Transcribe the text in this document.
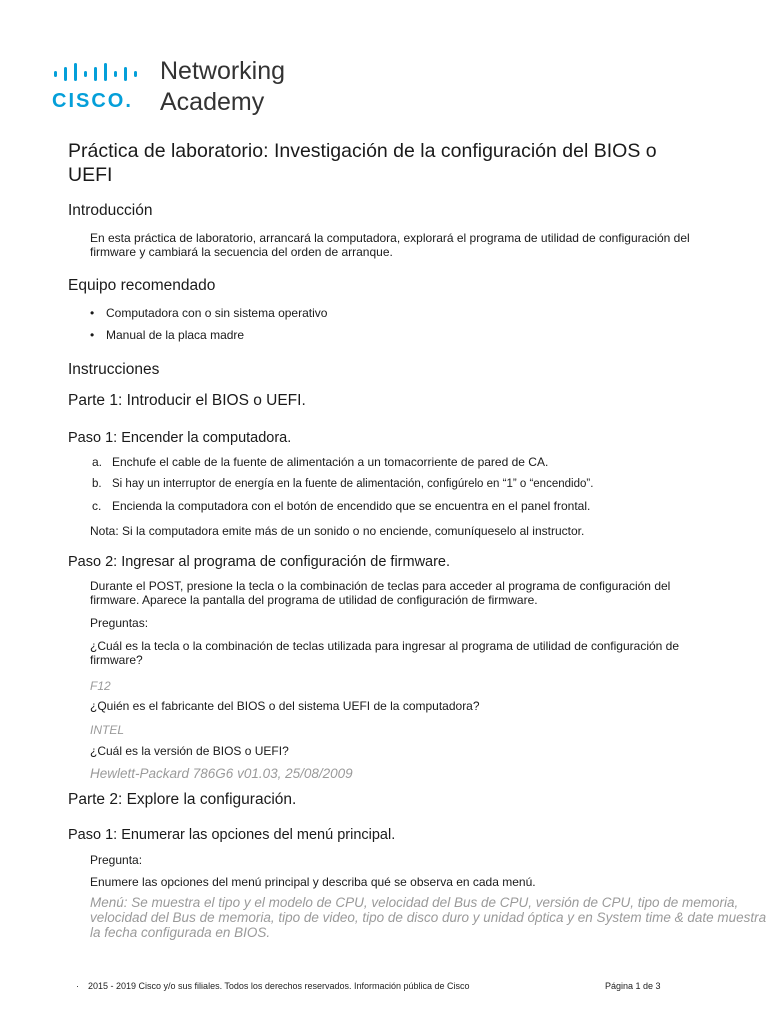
CISCO.
Networking
Academy
Práctica de laboratorio: Investigación de la configuración del BIOS o UEFI
Introducción

En esta práctica de laboratorio, arrancará la computadora, explorará el programa de utilidad de configuración del firmware y cambiará la secuencia del orden de arranque.

Equipo recomendado
• Computadora con o sin sistema operativo
• Manual de la placa madre
Instrucciones
Parte 1: Introducir el BIOS o UEFI.
Paso 1: Encender la computadora.
a. Enchufe el cable de la fuente de alimentación a un tomacorriente de pared de CA.
b. Si hay un interruptor de energía en la fuente de alimentación, configúrelo en “1” o “encendido”.
c. Encienda la computadora con el botón de encendido que se encuentra en el panel frontal.

Nota: Si la computadora emite más de un sonido o no enciende, comuníqueselo al instructor.

Paso 2: Ingresar al programa de configuración de firmware.

Durante el POST, presione la tecla o la combinación de teclas para acceder al programa de configuración del firmware. Aparece la pantalla del programa de utilidad de configuración de firmware.

Preguntas:

¿Cuál es la tecla o la combinación de teclas utilizada para ingresar al programa de utilidad de configuración de firmware?

F12

¿Quién es el fabricante del BIOS o del sistema UEFI de la computadora?

INTEL

¿Cuál es la versión de BIOS o UEFI?

Hewlett-Packard 786G6 v01.03, 25/08/2009

Parte 2: Explore la configuración.
Paso 1: Enumerar las opciones del menú principal.

Pregunta:

Enumere las opciones del menú principal y describa qué se observa en cada menú.

Menú: Se muestra el tipo y el modelo de CPU, velocidad del Bus de CPU, versión de CPU, tipo de memoria, velocidad del Bus de memoria, tipo de video, tipo de disco duro y unidad óptica y en System time & date muestra la fecha configurada en BIOS.

· 2015 - 2019 Cisco y/o sus filiales. Todos los derechos reservados. Información pública de Cisco	Página 1 de 3
